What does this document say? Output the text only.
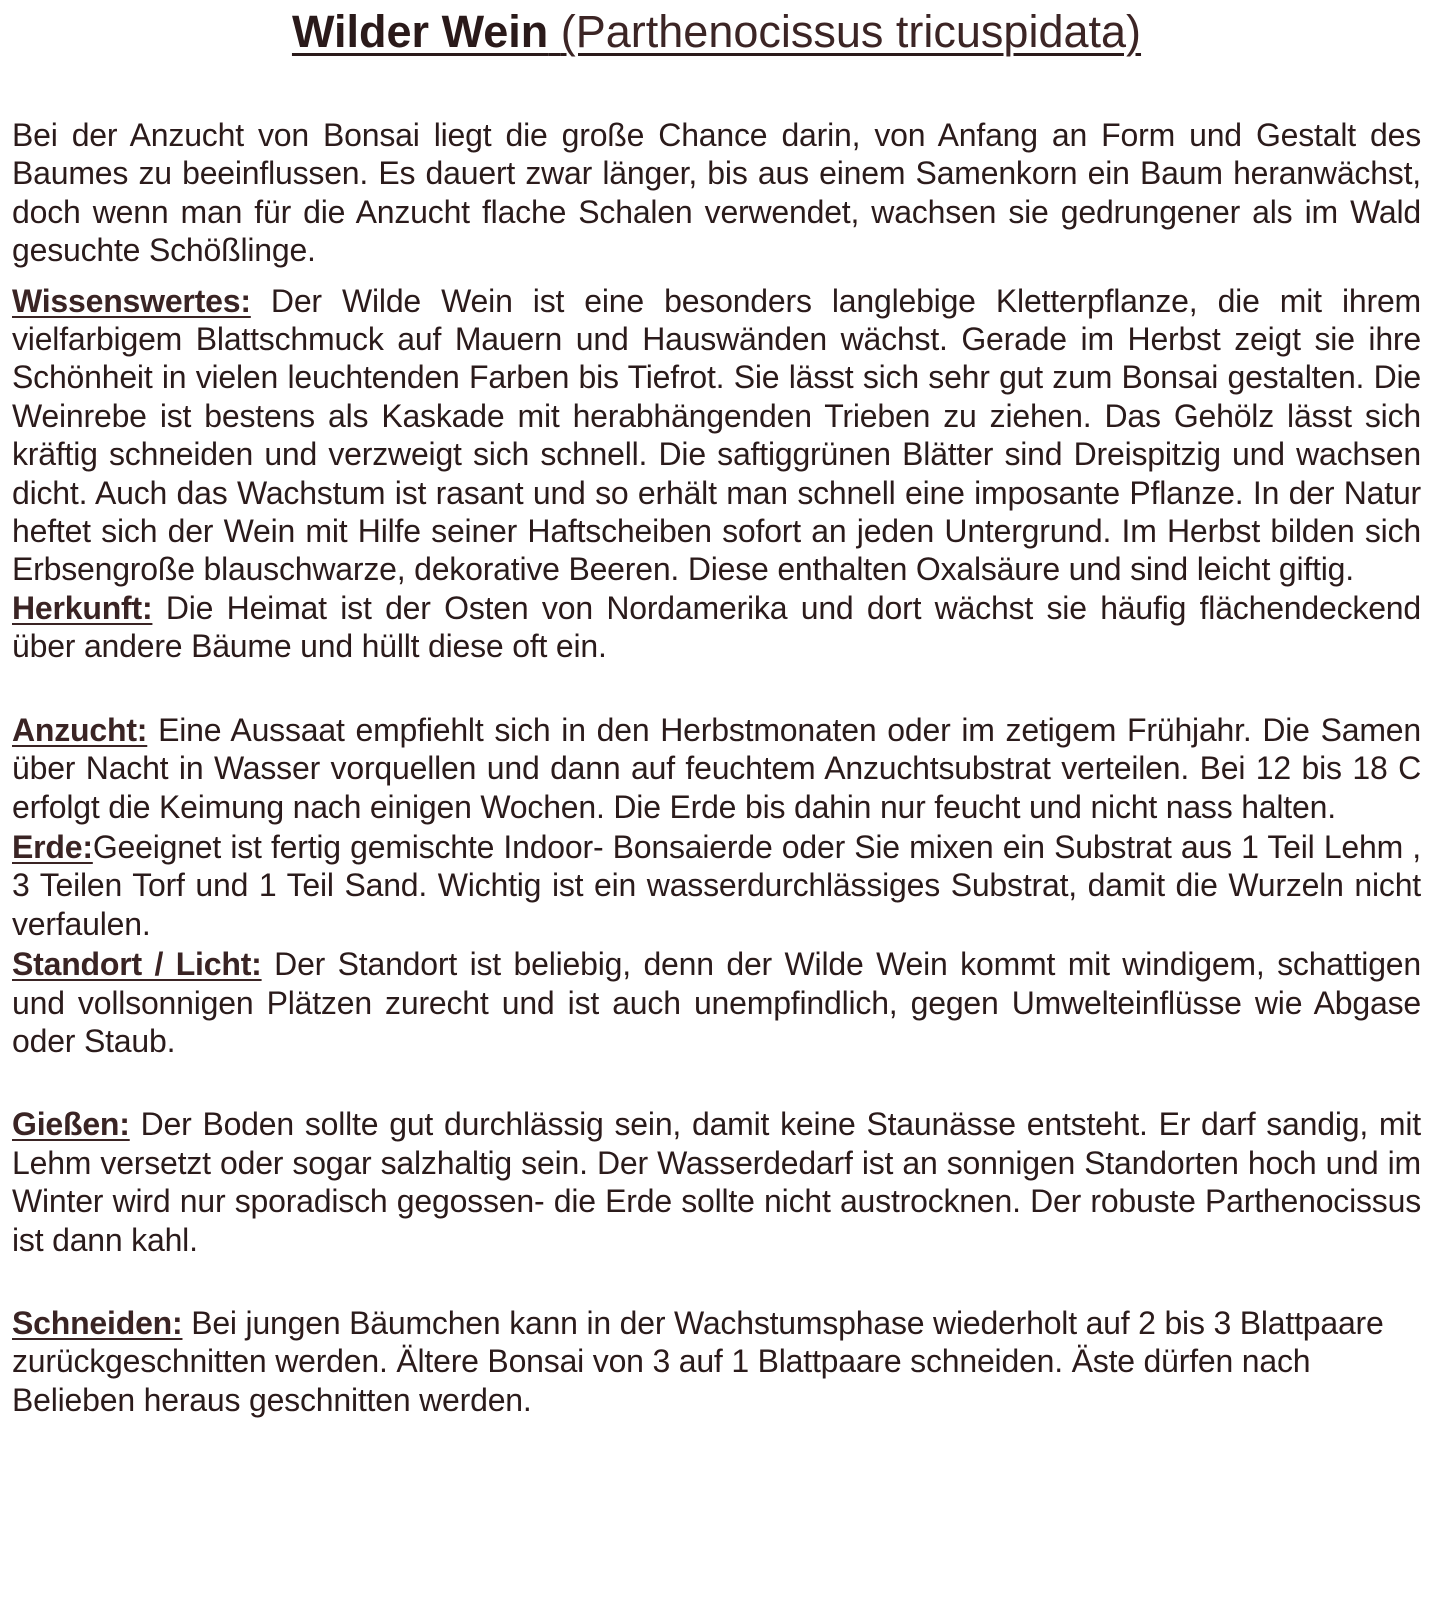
Wilder Wein (Parthenocissus tricuspidata)

Bei der Anzucht von Bonsai liegt die große Chance darin, von Anfang an Form und Gestalt des Baumes zu beeinflussen. Es dauert zwar länger, bis aus einem Samenkorn ein Baum heranwächst, doch wenn man für die Anzucht flache Schalen verwendet, wachsen sie gedrungener als im Wald gesuchte Schößlinge.

Wissenswertes: Der Wilde Wein ist eine besonders langlebige Kletterpflanze, die mit ihrem vielfarbigem Blattschmuck auf Mauern und Hauswänden wächst. Gerade im Herbst zeigt sie ihre Schönheit in vielen leuchtenden Farben bis Tiefrot. Sie lässt sich sehr gut zum Bonsai gestalten. Die Weinrebe ist bestens als Kaskade mit herabhängenden Trieben zu ziehen. Das Gehölz lässt sich kräftig schneiden und verzweigt sich schnell. Die saftiggrünen Blätter sind Dreispitzig und wachsen dicht. Auch das Wachstum ist rasant und so erhält man schnell eine imposante Pflanze. In der Natur heftet sich der Wein mit Hilfe seiner Haftscheiben sofort an jeden Untergrund. Im Herbst bilden sich Erbsengroße blauschwarze, dekorative Beeren. Diese enthalten Oxalsäure und sind leicht giftig.

Herkunft: Die Heimat ist der Osten von Nordamerika und dort wächst sie häufig flächendeckend über andere Bäume und hüllt diese oft ein.

Anzucht: Eine Aussaat empfiehlt sich in den Herbstmonaten oder im zetigem Frühjahr. Die Samen über Nacht in Wasser vorquellen und dann auf feuchtem Anzuchtsubstrat verteilen. Bei 12 bis 18 C erfolgt die Keimung nach einigen Wochen. Die Erde bis dahin nur feucht und nicht nass halten.

Erde:Geeignet ist fertig gemischte Indoor- Bonsaierde oder Sie mixen ein Substrat aus 1 Teil Lehm , 3 Teilen Torf und 1 Teil Sand. Wichtig ist ein wasserdurchlässiges Substrat, damit die Wurzeln nicht verfaulen.

Standort / Licht: Der Standort ist beliebig, denn der Wilde Wein kommt mit windigem, schattigen und vollsonnigen Plätzen zurecht und ist auch unempfindlich, gegen Umwelteinflüsse wie Abgase oder Staub.

Gießen: Der Boden sollte gut durchlässig sein, damit keine Staunässe entsteht. Er darf sandig, mit Lehm versetzt oder sogar salzhaltig sein. Der Wasserdedarf ist an sonnigen Standorten hoch und im Winter wird nur sporadisch gegossen- die Erde sollte nicht austrocknen. Der robuste Parthenocissus ist dann kahl.

Schneiden: Bei jungen Bäumchen kann in der Wachstumsphase wiederholt auf 2 bis 3 Blattpaare zurückgeschnitten werden. Ältere Bonsai von 3 auf 1 Blattpaare schneiden. Äste dürfen nach Belieben heraus geschnitten werden.
